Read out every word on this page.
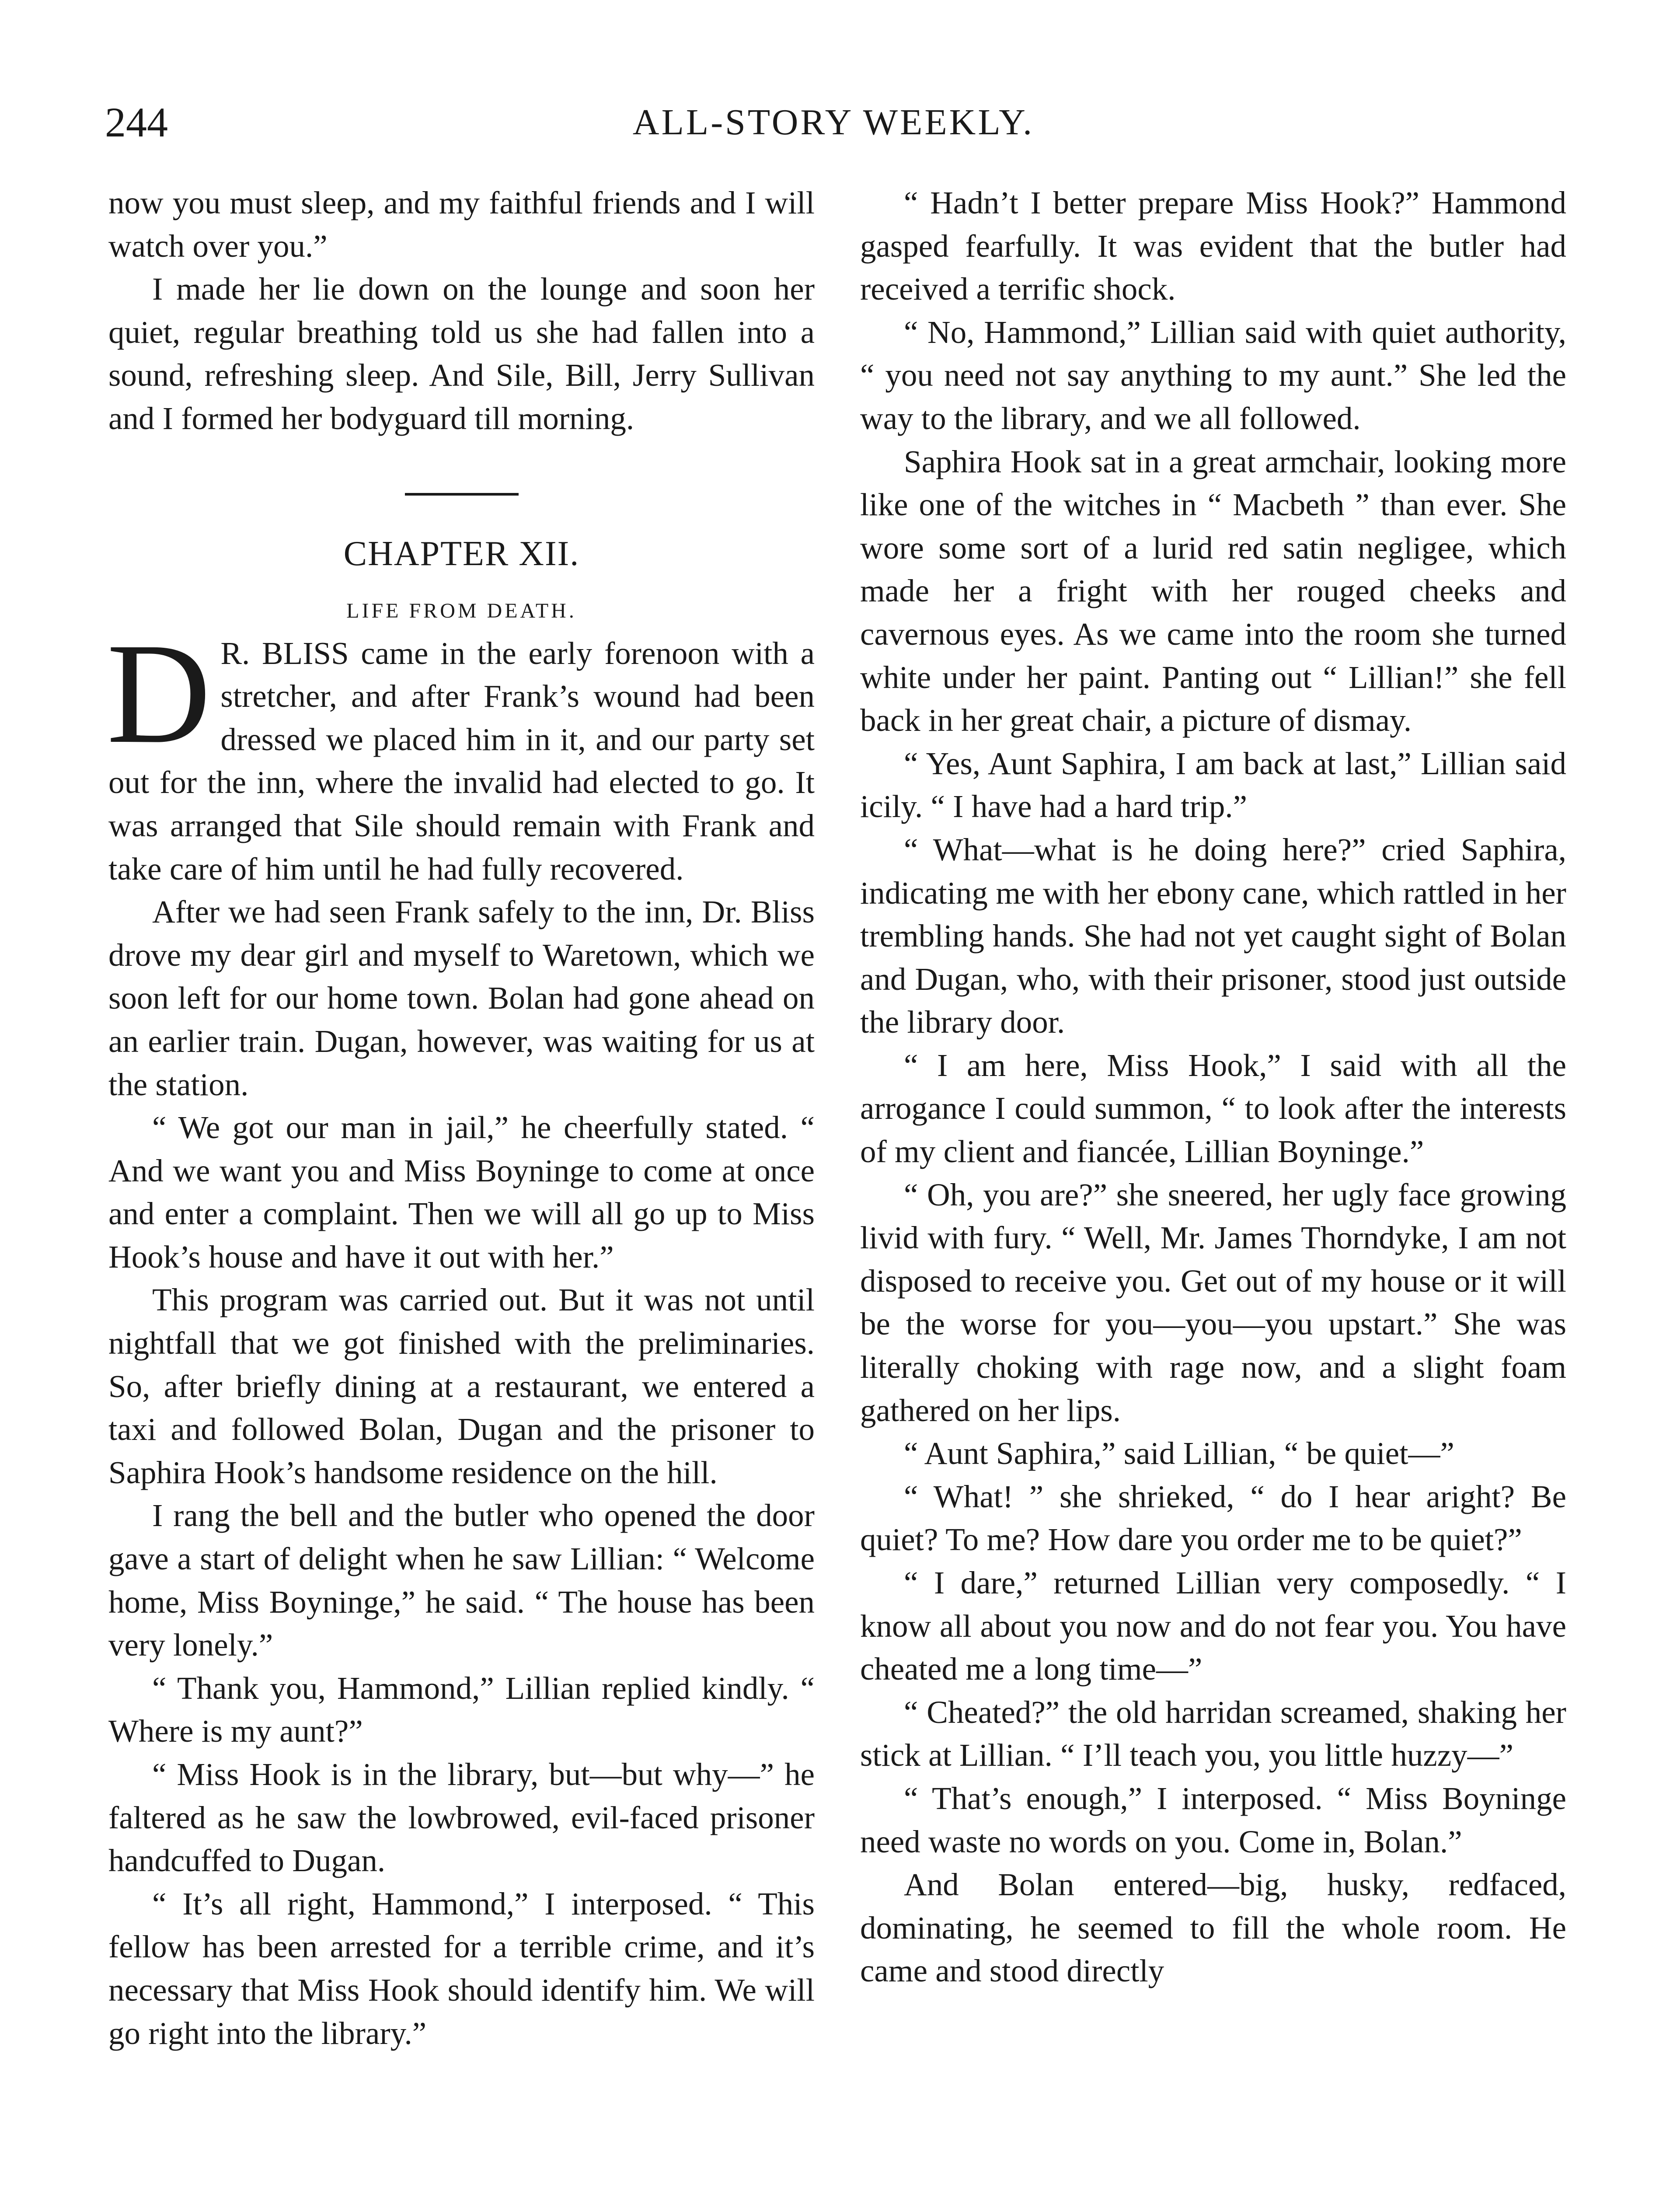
244	ALL-STORY WEEKLY.

now you must sleep, and my faithful friends and I will watch over you.”

I made her lie down on the lounge and soon her quiet, regular breathing told us she had fallen into a sound, refreshing sleep. And Sile, Bill, Jerry Sullivan and I formed her bodyguard till morning.

CHAPTER XII.
LIFE FROM DEATH.

D R. BLISS came in the early forenoon with a stretcher, and after Frank’s wound had been dressed we placed him in it, and our party set out for the inn, where the invalid had elected to go. It was arranged that Sile should remain with Frank and take care of him until he had fully recovered.

After we had seen Frank safely to the inn, Dr. Bliss drove my dear girl and myself to Waretown, which we soon left for our home town. Bolan had gone ahead on an earlier train. Dugan, however, was waiting for us at the station.

“ We got our man in jail,” he cheerfully stated. “ And we want you and Miss Boyninge to come at once and enter a complaint. Then we will all go up to Miss Hook’s house and have it out with her.”

This program was carried out. But it was not until nightfall that we got finished with the preliminaries. So, after briefly dining at a restaurant, we entered a taxi and followed Bolan, Dugan and the prisoner to Saphira Hook’s handsome residence on the hill.

I rang the bell and the butler who opened the door gave a start of delight when he saw Lillian: “ Welcome home, Miss Boyninge,” he said. “ The house has been very lonely.”

“ Thank you, Hammond,” Lillian replied kindly. “ Where is my aunt?”

“ Miss Hook is in the library, but—but why—” he faltered as he saw the lowbrowed, evil-faced prisoner handcuffed to Dugan.

“ It’s all right, Hammond,” I interposed. “ This fellow has been arrested for a terrible crime, and it’s necessary that Miss Hook should identify him. We will go right into the library.”

“ Hadn’t I better prepare Miss Hook?” Hammond gasped fearfully. It was evident that the butler had received a terrific shock.

“ No, Hammond,” Lillian said with quiet authority, “ you need not say anything to my aunt.” She led the way to the library, and we all followed.

Saphira Hook sat in a great armchair, looking more like one of the witches in “ Macbeth ” than ever. She wore some sort of a lurid red satin negligee, which made her a fright with her rouged cheeks and cavernous eyes. As we came into the room she turned white under her paint. Panting out “ Lillian!” she fell back in her great chair, a picture of dismay.

“ Yes, Aunt Saphira, I am back at last,” Lillian said icily. “ I have had a hard trip.”

“ What—what is he doing here?” cried Saphira, indicating me with her ebony cane, which rattled in her trembling hands. She had not yet caught sight of Bolan and Dugan, who, with their prisoner, stood just outside the library door.

“ I am here, Miss Hook,” I said with all the arrogance I could summon, “ to look after the interests of my client and fiancée, Lillian Boyninge.”

“ Oh, you are?” she sneered, her ugly face growing livid with fury. “ Well, Mr. James Thorndyke, I am not disposed to receive you. Get out of my house or it will be the worse for you—you—you upstart.” She was literally choking with rage now, and a slight foam gathered on her lips.

“ Aunt Saphira,” said Lillian, “ be quiet—”

“ What! ” she shrieked, “ do I hear aright? Be quiet? To me? How dare you order me to be quiet?”

“ I dare,” returned Lillian very composedly. “ I know all about you now and do not fear you. You have cheated me a long time—”

“ Cheated?” the old harridan screamed, shaking her stick at Lillian. “ I’ll teach you, you little huzzy—”

“ That’s enough,” I interposed. “ Miss Boyninge need waste no words on you. Come in, Bolan.”

And Bolan entered—big, husky, redfaced, dominating, he seemed to fill the whole room. He came and stood directly
